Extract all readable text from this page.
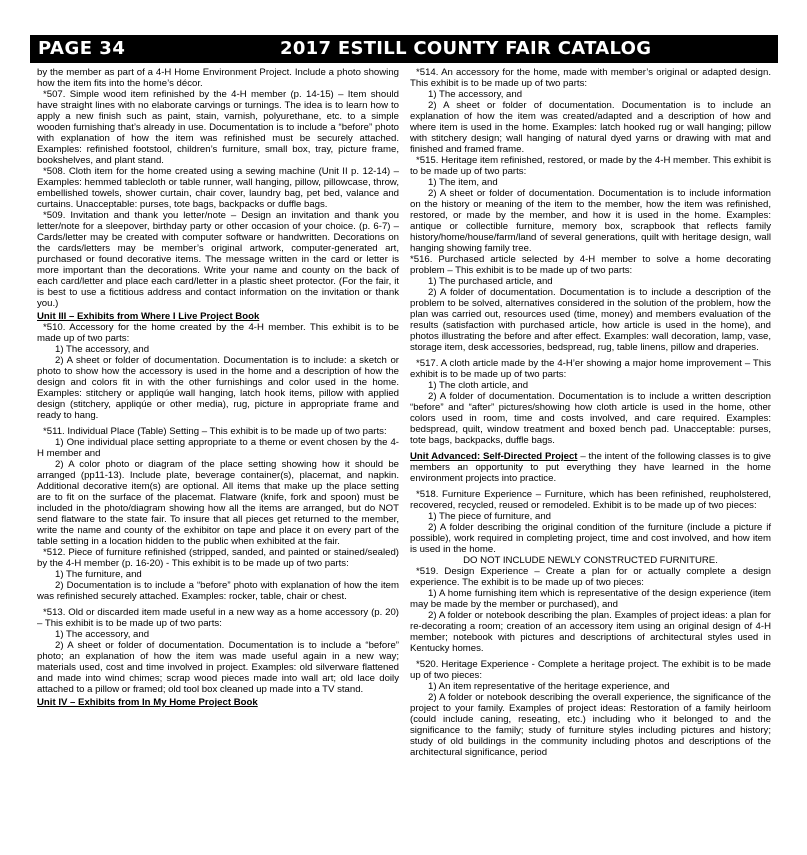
PAGE 34	2017 ESTILL COUNTY FAIR CATALOG

by the member as part of a 4-H Home Environment Project. Include a photo showing how the item fits into the home’s décor.

*507. Simple wood item refinished by the 4-H member (p. 14-15) – Item should have straight lines with no elaborate carvings or turnings. The idea is to learn how to apply a new finish such as paint, stain, varnish, polyurethane, etc. to a simple wooden furnishing that’s already in use. Documentation is to include a “before” photo with explanation of how the item was refinished must be securely attached. Examples: refinished footstool, children’s furniture, small box, tray, picture frame, bookshelves, and plant stand.

*508. Cloth item for the home created using a sewing machine (Unit II p. 12-14) – Examples: hemmed tablecloth or table runner, wall hanging, pillow, pillowcase, throw, embellished towels, shower curtain, chair cover, laundry bag, pet bed, valance and curtains. Unacceptable: purses, tote bags, backpacks or duffle bags.

*509. Invitation and thank you letter/note – Design an invitation and thank you letter/note for a sleepover, birthday party or other occasion of your choice. (p. 6-7) – Cards/letter may be created with computer software or handwritten. Decorations on the cards/letters may be member’s original artwork, computer-generated art, purchased or found decorative items. The message written in the card or letter is more important than the decorations. Write your name and county on the back of each card/letter and place each card/letter in a plastic sheet protector. (For the fair, it is best to use a fictitious address and contact information on the invitation or thank you.)

Unit III – Exhibits from Where I Live Project Book

*510. Accessory for the home created by the 4-H member. This exhibit is to be made up of two parts:

1) The accessory, and

2) A sheet or folder of documentation. Documentation is to include: a sketch or photo to show how the accessory is used in the home and a description of how the design and colors fit in with the other furnishings and color used in the home. Examples: stitchery or appliqúe wall hanging, latch hook items, pillow with applied design (stitchery, appliqúe or other media), rug, picture in appropriate frame and ready to hang.

*511. Individual Place (Table) Setting – This exhibit is to be made up of two parts:

1) One individual place setting appropriate to a theme or event chosen by the 4-H member and

2) A color photo or diagram of the place setting showing how it should be arranged (pp11-13). Include plate, beverage container(s), placemat, and napkin. Additional decorative item(s) are optional. All items that make up the place setting are to fit on the surface of the placemat. Flatware (knife, fork and spoon) must be included in the photo/diagram showing how all the items are arranged, but do NOT send flatware to the state fair. To insure that all pieces get returned to the member, write the name and county of the exhibitor on tape and place it on every part of the table setting in a location hidden to the public when exhibited at the fair.

*512. Piece of furniture refinished (stripped, sanded, and painted or stained/sealed) by the 4-H member (p. 16-20) - This exhibit is to be made up of two parts:

1) The furniture, and

2) Documentation is to include a “before” photo with explanation of how the item was refinished securely attached. Examples: rocker, table, chair or chest.

*513. Old or discarded item made useful in a new way as a home accessory (p. 20) – This exhibit is to be made up of two parts:

1) The accessory, and

2) A sheet or folder of documentation. Documentation is to include a “before” photo; an explanation of how the item was made useful again in a new way; materials used, cost and time involved in project. Examples: old silverware flattened and made into wind chimes; scrap wood pieces made into wall art; old lace doily attached to a pillow or framed; old tool box cleaned up made into a TV stand.

Unit IV – Exhibits from In My Home Project Book

*514. An accessory for the home, made with member’s original or adapted design. This exhibit is to be made up of two parts:

1) The accessory, and

2) A sheet or folder of documentation. Documentation is to include an explanation of how the item was created/adapted and a description of how and where item is used in the home. Examples: latch hooked rug or wall hanging; pillow with stitchery design; wall hanging of natural dyed yarns or drawing with mat and finished and framed frame.

*515. Heritage item refinished, restored, or made by the 4-H member. This exhibit is to be made up of two parts:

1) The item, and

2) A sheet or folder of documentation. Documentation is to include information on the history or meaning of the item to the member, how the item was refinished, restored, or made by the member, and how it is used in the home. Examples: antique or collectible furniture, memory box, scrapbook that reflects family history/home/house/farm/land of several generations, quilt with heritage design, wall hanging showing family tree.

*516. Purchased article selected by 4-H member to solve a home decorating problem – This exhibit is to be made up of two parts:

1) The purchased article, and

2) A folder of documentation. Documentation is to include a description of the problem to be solved, alternatives considered in the solution of the problem, how the plan was carried out, resources used (time, money) and members evaluation of the results (satisfaction with purchased article, how article is used in the home), and photos illustrating the before and after effect. Examples: wall decoration, lamp, vase, storage item, desk accessories, bedspread, rug, table linens, pillow and draperies.

*517. A cloth article made by the 4-H’er showing a major home improvement – This exhibit is to be made up of two parts:

1) The cloth article, and

2) A folder of documentation. Documentation is to include a written description “before” and “after” pictures/showing how cloth article is used in the home, other colors used in room, time and costs involved, and care required. Examples: bedspread, quilt, window treatment and boxed bench pad. Unacceptable: purses, tote bags, backpacks, duffle bags.

Unit Advanced: Self-Directed Project – the intent of the following classes is to give members an opportunity to put everything they have learned in the home environment projects into practice.

*518. Furniture Experience – Furniture, which has been refinished, reupholstered, recovered, recycled, reused or remodeled. Exhibit is to be made up of two pieces:

1) The piece of furniture, and

2) A folder describing the original condition of the furniture (include a picture if possible), work required in completing project, time and cost involved, and how item is used in the home.

DO NOT INCLUDE NEWLY CONSTRUCTED FURNITURE.

*519. Design Experience – Create a plan for or actually complete a design experience. The exhibit is to be made up of two pieces:

1) A home furnishing item which is representative of the design experience (item may be made by the member or purchased), and

2) A folder or notebook describing the plan. Examples of project ideas: a plan for re-decorating a room; creation of an accessory item using an original design of 4-H member; notebook with pictures and descriptions of architectural styles used in Kentucky homes.

*520. Heritage Experience - Complete a heritage project. The exhibit is to be made up of two pieces:

1) An item representative of the heritage experience, and

2) A folder or notebook describing the overall experience, the significance of the project to your family. Examples of project ideas: Restoration of a family heirloom (could include caning, reseating, etc.) including who it belonged to and the significance to the family; study of furniture styles including pictures and history; study of old buildings in the community including photos and descriptions of the architectural significance, period
